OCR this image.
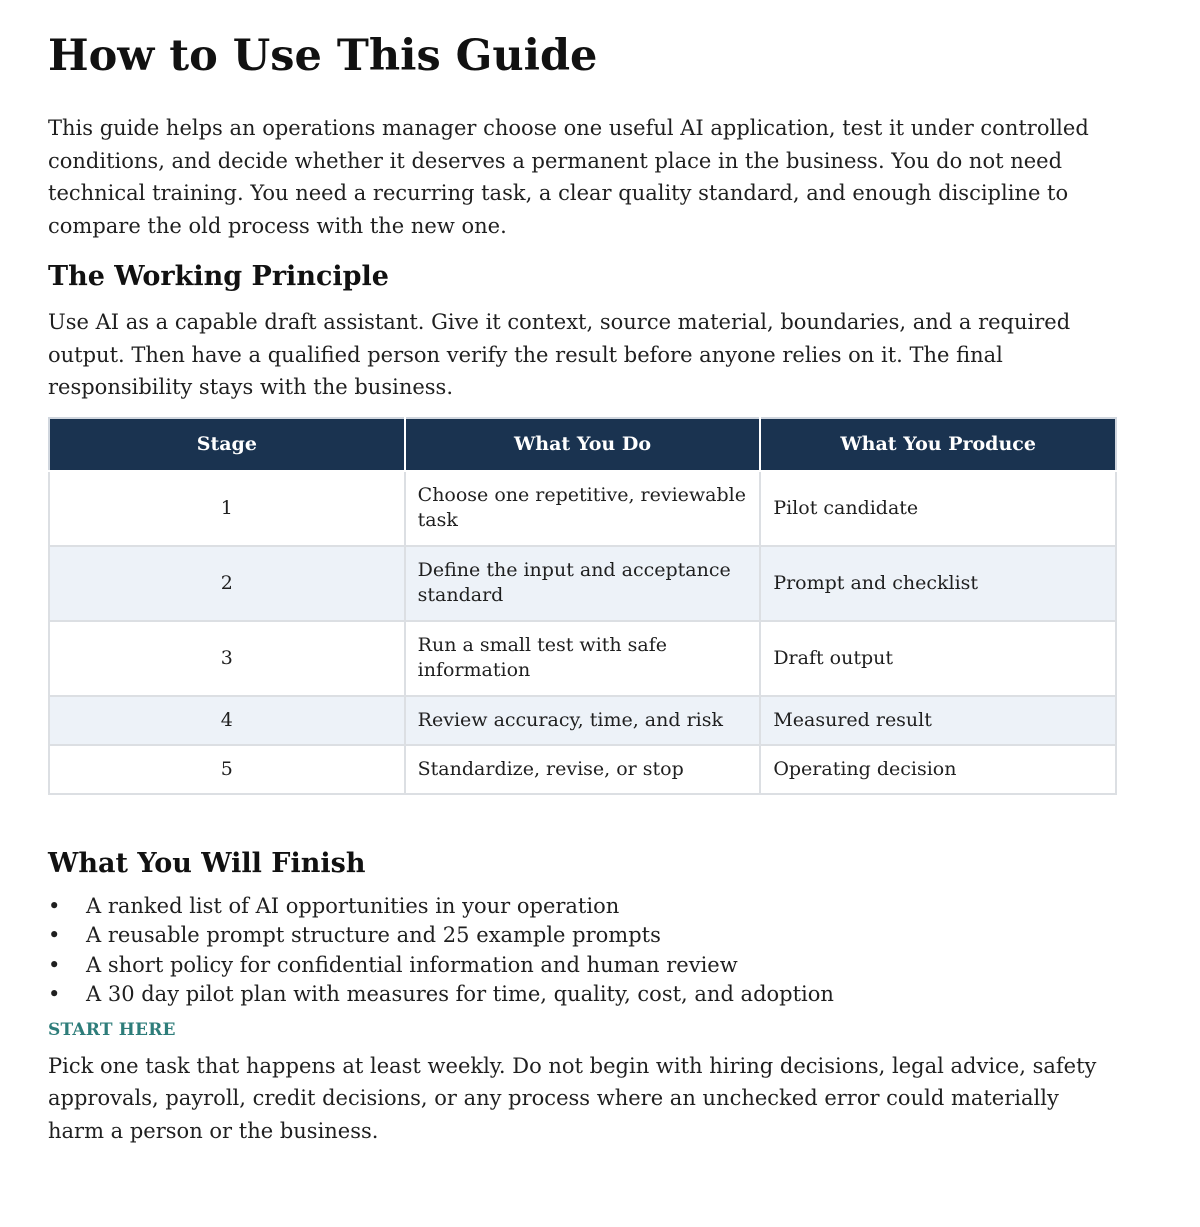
How to Use This Guide

This guide helps an operations manager choose one useful AI application, test it under controlled conditions, and decide whether it deserves a permanent place in the business. You do not need technical training. You need a recurring task, a clear quality standard, and enough discipline to compare the old process with the new one.

The Working Principle

Use AI as a capable draft assistant. Give it context, source material, boundaries, and a required output. Then have a qualified person verify the result before anyone relies on it. The final responsibility stays with the business.

Stage	What You Do	What You Produce
1	Choose one repetitive, reviewable task	Pilot candidate
2	Define the input and acceptance standard	Prompt and checklist
3	Run a small test with safe information	Draft output
4	Review accuracy, time, and risk	Measured result
5	Standardize, revise, or stop	Operating decision
What You Will Finish
•	A ranked list of AI opportunities in your operation
•	A reusable prompt structure and 25 example prompts
•	A short policy for confidential information and human review
•	A 30 day pilot plan with measures for time, quality, cost, and adoption
START HERE

Pick one task that happens at least weekly. Do not begin with hiring decisions, legal advice, safety approvals, payroll, credit decisions, or any process where an unchecked error could materially harm a person or the business.
